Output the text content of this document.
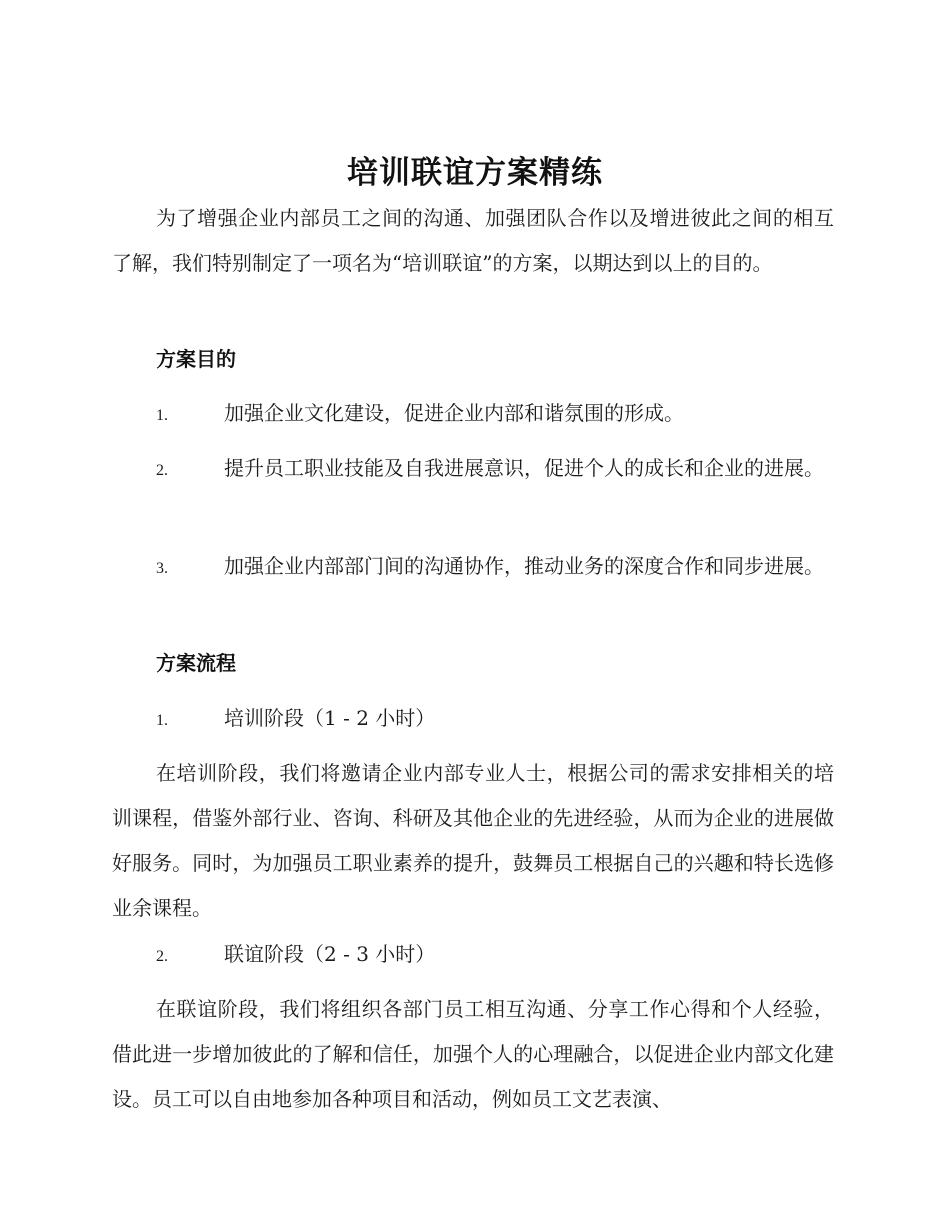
培训联谊方案精练

为了增强企业内部员工之间的沟通、加强团队合作以及增进彼此之间的相互了解，我们特别制定了一项名为“培训联谊”的方案，以期达到以上的目的。

方案目的

1.	加强企业文化建设，促进企业内部和谐氛围的形成。

2.	提升员工职业技能及自我进展意识，促进个人的成长和企业的进展。

3.	加强企业内部部门间的沟通协作，推动业务的深度合作和同步进展。

方案流程

1.	培训阶段（1 - 2 小时）

在培训阶段，我们将邀请企业内部专业人士，根据公司的需求安排相关的培训课程，借鉴外部行业、咨询、科研及其他企业的先进经验，从而为企业的进展做好服务。同时，为加强员工职业素养的提升，鼓舞员工根据自己的兴趣和特长选修业余课程。

2.	联谊阶段（2 - 3 小时）

在联谊阶段，我们将组织各部门员工相互沟通、分享工作心得和个人经验，借此进一步增加彼此的了解和信任，加强个人的心理融合，以促进企业内部文化建设。员工可以自由地参加各种项目和活动，例如员工文艺表演、
